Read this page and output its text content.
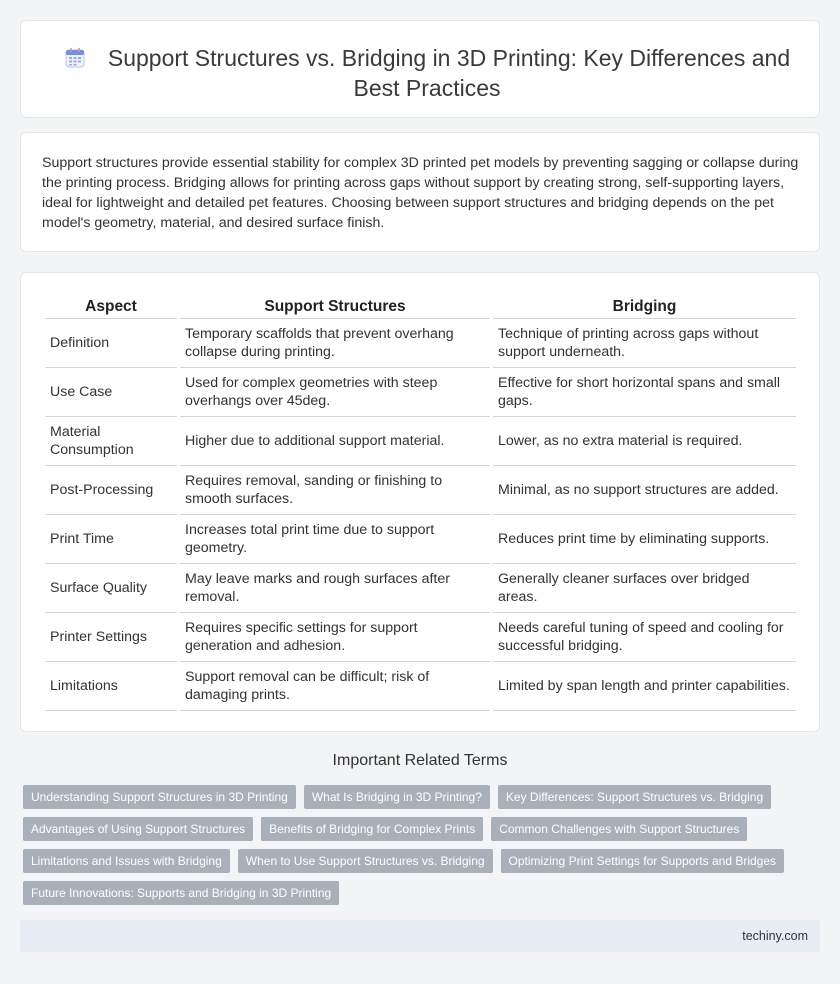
Support Structures vs. Bridging in 3D Printing: Key Differences and Best Practices

Support structures provide essential stability for complex 3D printed pet models by preventing sagging or collapse during the printing process. Bridging allows for printing across gaps without support by creating strong, self-supporting layers, ideal for lightweight and detailed pet features. Choosing between support structures and bridging depends on the pet model's geometry, material, and desired surface finish.

Aspect	Support Structures	Bridging
Definition	Temporary scaffolds that prevent overhang collapse during printing.	Technique of printing across gaps without support underneath.
Use Case	Used for complex geometries with steep overhangs over 45deg.	Effective for short horizontal spans and small gaps.
Material Consumption	Higher due to additional support material.	Lower, as no extra material is required.
Post-Processing	Requires removal, sanding or finishing to smooth surfaces.	Minimal, as no support structures are added.
Print Time	Increases total print time due to support geometry.	Reduces print time by eliminating supports.
Surface Quality	May leave marks and rough surfaces after removal.	Generally cleaner surfaces over bridged areas.
Printer Settings	Requires specific settings for support generation and adhesion.	Needs careful tuning of speed and cooling for successful bridging.
Limitations	Support removal can be difficult; risk of damaging prints.	Limited by span length and printer capabilities.
Important Related Terms
Understanding Support Structures in 3D Printing	What Is Bridging in 3D Printing?	Key Differences: Support Structures vs. Bridging
Advantages of Using Support Structures	Benefits of Bridging for Complex Prints	Common Challenges with Support Structures
Limitations and Issues with Bridging	When to Use Support Structures vs. Bridging	Optimizing Print Settings for Supports and Bridges
Future Innovations: Supports and Bridging in 3D Printing
techiny.com
